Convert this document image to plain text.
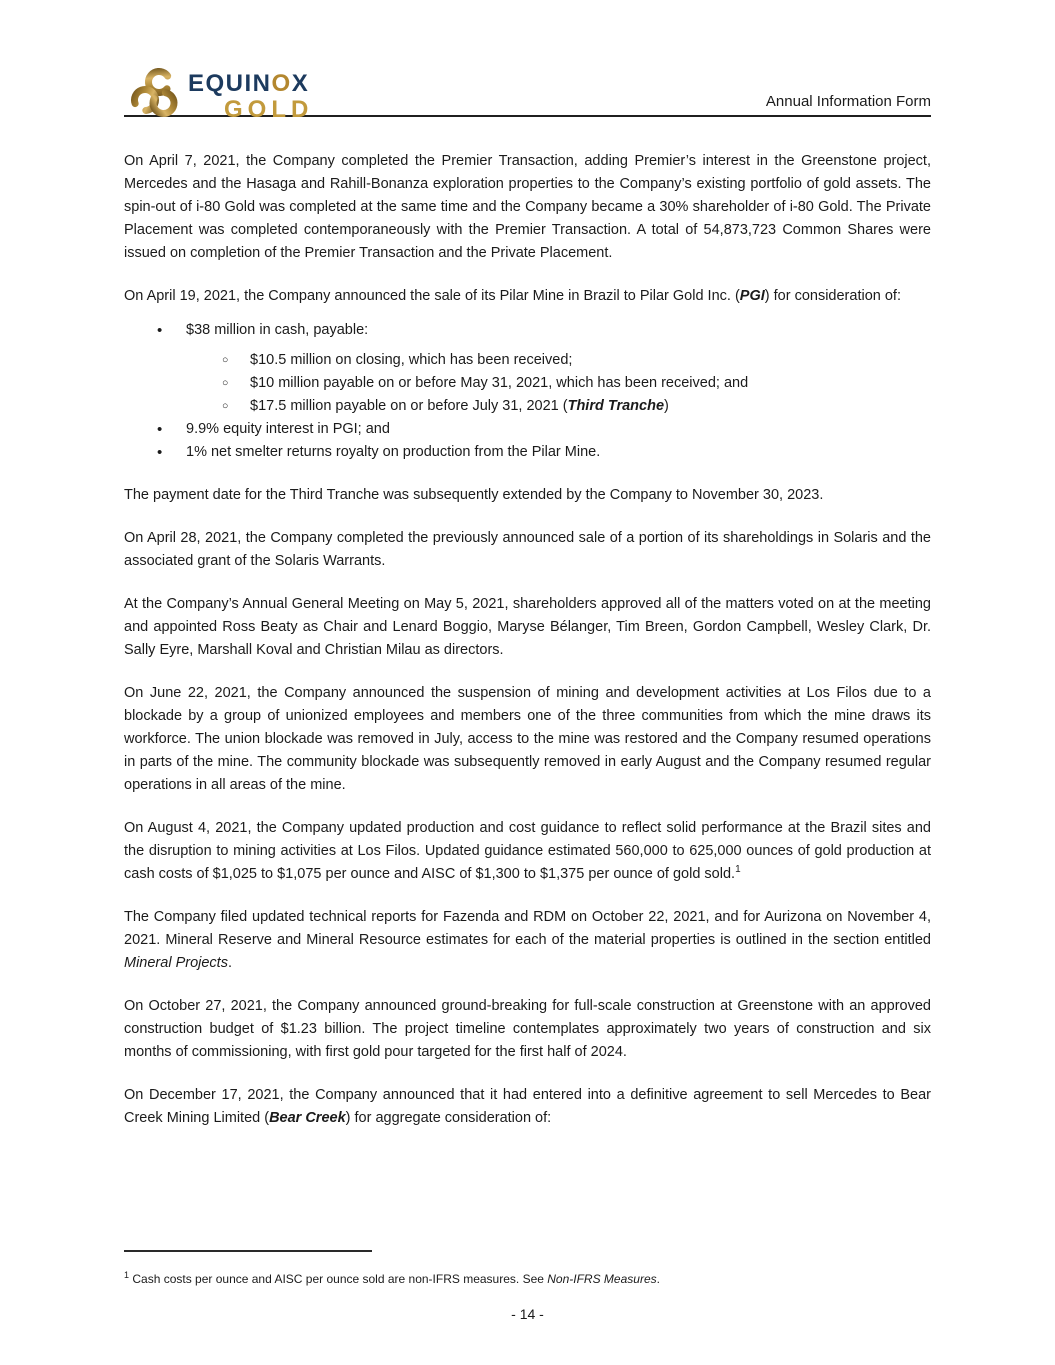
EQUINOX
GOLD	Annual Information Form

On April 7, 2021, the Company completed the Premier Transaction, adding Premier’s interest in the Greenstone project, Mercedes and the Hasaga and Rahill-Bonanza exploration properties to the Company’s existing portfolio of gold assets. The spin-out of i-80 Gold was completed at the same time and the Company became a 30% shareholder of i-80 Gold. The Private Placement was completed contemporaneously with the Premier Transaction. A total of 54,873,723 Common Shares were issued on completion of the Premier Transaction and the Private Placement.

On April 19, 2021, the Company announced the sale of its Pilar Mine in Brazil to Pilar Gold Inc. (PGI) for consideration of:

• $38 million in cash, payable:
○ $10.5 million on closing, which has been received;
○ $10 million payable on or before May 31, 2021, which has been received; and
○ $17.5 million payable on or before July 31, 2021 (Third Tranche)
• 9.9% equity interest in PGI; and
• 1% net smelter returns royalty on production from the Pilar Mine.

The payment date for the Third Tranche was subsequently extended by the Company to November 30, 2023.

On April 28, 2021, the Company completed the previously announced sale of a portion of its shareholdings in Solaris and the associated grant of the Solaris Warrants.

At the Company’s Annual General Meeting on May 5, 2021, shareholders approved all of the matters voted on at the meeting and appointed Ross Beaty as Chair and Lenard Boggio, Maryse Bélanger, Tim Breen, Gordon Campbell, Wesley Clark, Dr. Sally Eyre, Marshall Koval and Christian Milau as directors.

On June 22, 2021, the Company announced the suspension of mining and development activities at Los Filos due to a blockade by a group of unionized employees and members one of the three communities from which the mine draws its workforce. The union blockade was removed in July, access to the mine was restored and the Company resumed operations in parts of the mine. The community blockade was subsequently removed in early August and the Company resumed regular operations in all areas of the mine.

On August 4, 2021, the Company updated production and cost guidance to reflect solid performance at the Brazil sites and the disruption to mining activities at Los Filos. Updated guidance estimated 560,000 to 625,000 ounces of gold production at cash costs of $1,025 to $1,075 per ounce and AISC of $1,300 to $1,375 per ounce of gold sold.$^1$

The Company filed updated technical reports for Fazenda and RDM on October 22, 2021, and for Aurizona on November 4, 2021. Mineral Reserve and Mineral Resource estimates for each of the material properties is outlined in the section entitled Mineral Projects.

On October 27, 2021, the Company announced ground-breaking for full-scale construction at Greenstone with an approved construction budget of $1.23 billion. The project timeline contemplates approximately two years of construction and six months of commissioning, with first gold pour targeted for the first half of 2024.

On December 17, 2021, the Company announced that it had entered into a definitive agreement to sell Mercedes to Bear Creek Mining Limited (Bear Creek) for aggregate consideration of:

$^1$ Cash costs per ounce and AISC per ounce sold are non-IFRS measures. See Non-IFRS Measures.

- 14 -
